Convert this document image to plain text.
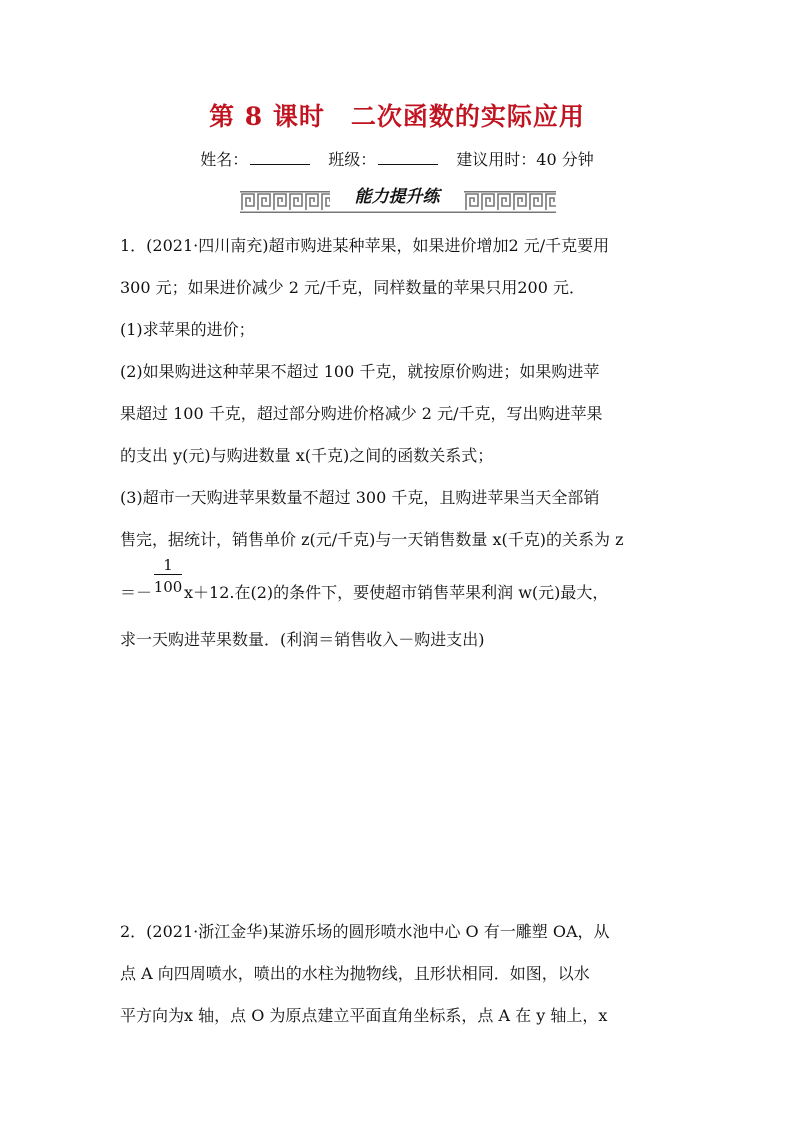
第 8 课时 二次函数的实际应用
姓名：	班级：	建议用时：40 分钟
能力提升练
1．(2021·四川南充)超市购进某种苹果，如果进价增加2 元/千克要用
300 元；如果进价减少 2 元/千克，同样数量的苹果只用200 元．
(1)求苹果的进价；
(2)如果购进这种苹果不超过 100 千克，就按原价购进；如果购进苹
果超过 100 千克，超过部分购进价格减少 2 元/千克，写出购进苹果
的支出 y(元)与购进数量 x(千克)之间的函数关系式；
(3)超市一天购进苹果数量不超过 300 千克，且购进苹果当天全部销
售完，据统计，销售单价 z(元/千克)与一天销售数量 x(千克)的关系为 z
＝－ $\frac{1}{100} x+12$.在(2)的条件下，要使超市销售苹果利润 w(元)最大，
求一天购进苹果数量．(利润＝销售收入－购进支出)
2．(2021·浙江金华)某游乐场的圆形喷水池中心 O 有一雕塑 OA，从
点 A 向四周喷水，喷出的水柱为抛物线，且形状相同．如图，以水
平方向为x 轴，点 O 为原点建立平面直角坐标系，点 A 在 y 轴上，x
